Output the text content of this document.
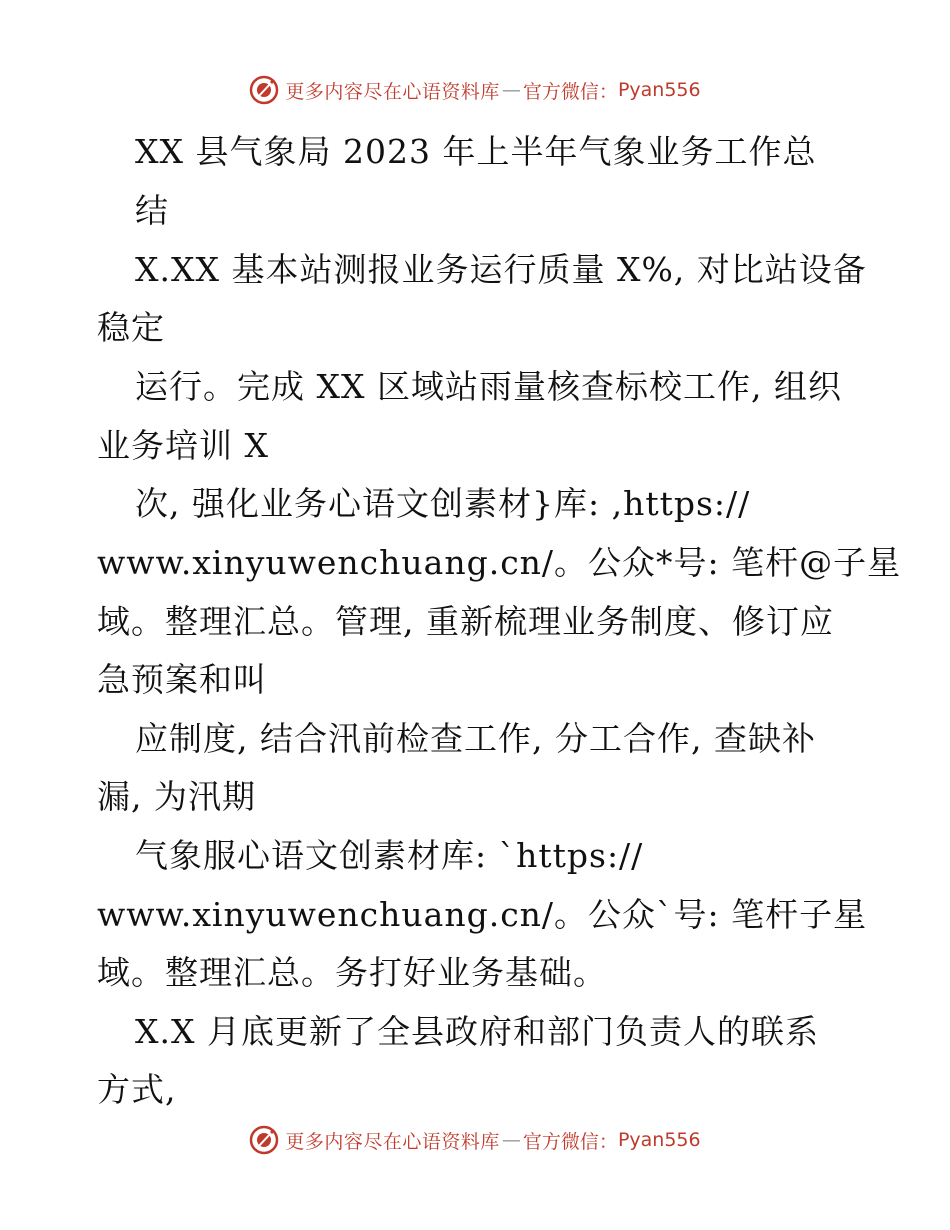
更多内容尽在心语资料库 — 官方微信： Pyan556
XX 县气象局 2023 年上半年气象业务工作总
结
X.XX 基本站测报业务运行质量 X%, 对比站设备
稳定
运行。完成 XX 区域站雨量核查标校工作, 组织
业务培训 X
次, 强化业务心语文创素材}库: ,https://
www.xinyuwenchuang.cn/。公众*号: 笔杆@子星
域。整理汇总。管理, 重新梳理业务制度、修订应
急预案和叫
应制度, 结合汛前检查工作, 分工合作, 查缺补
漏, 为汛期
气象服心语文创素材库: `https://
www.xinyuwenchuang.cn/。公众`号: 笔杆子星
域。整理汇总。务打好业务基础。
X.X 月底更新了全县政府和部门负责人的联系
方式,
更多内容尽在心语资料库 — 官方微信： Pyan556
